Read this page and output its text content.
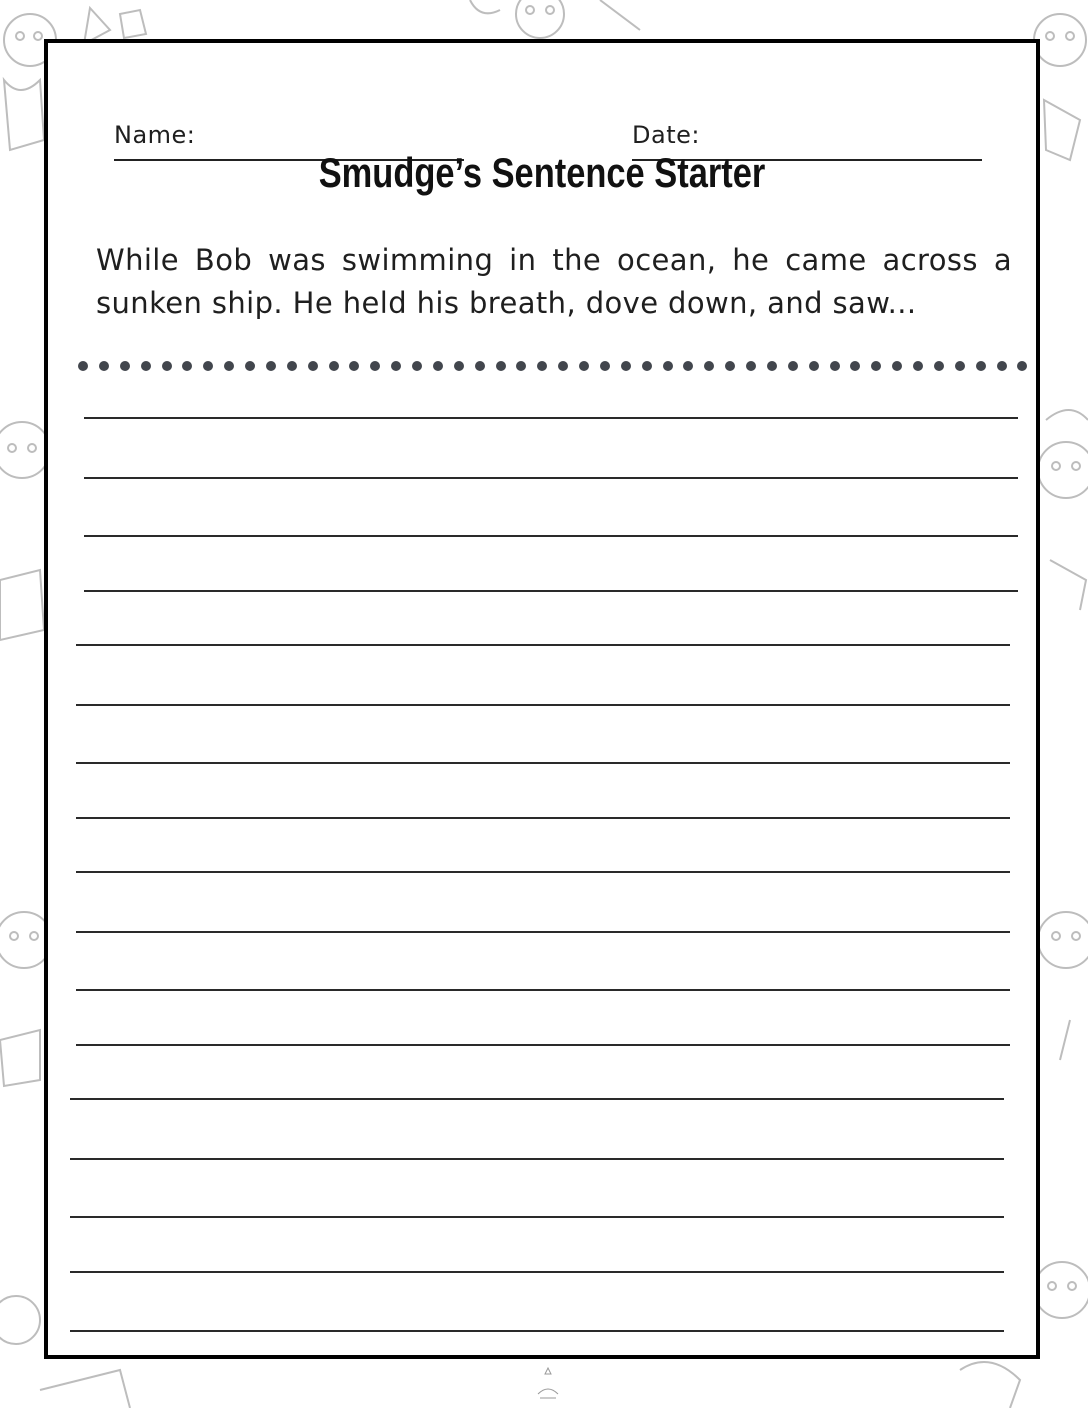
Name:	Date:
Smudge’s Sentence Starter
While Bob was swimming in the ocean, he came across a sunken ship. He held his breath, dove down, and saw...
